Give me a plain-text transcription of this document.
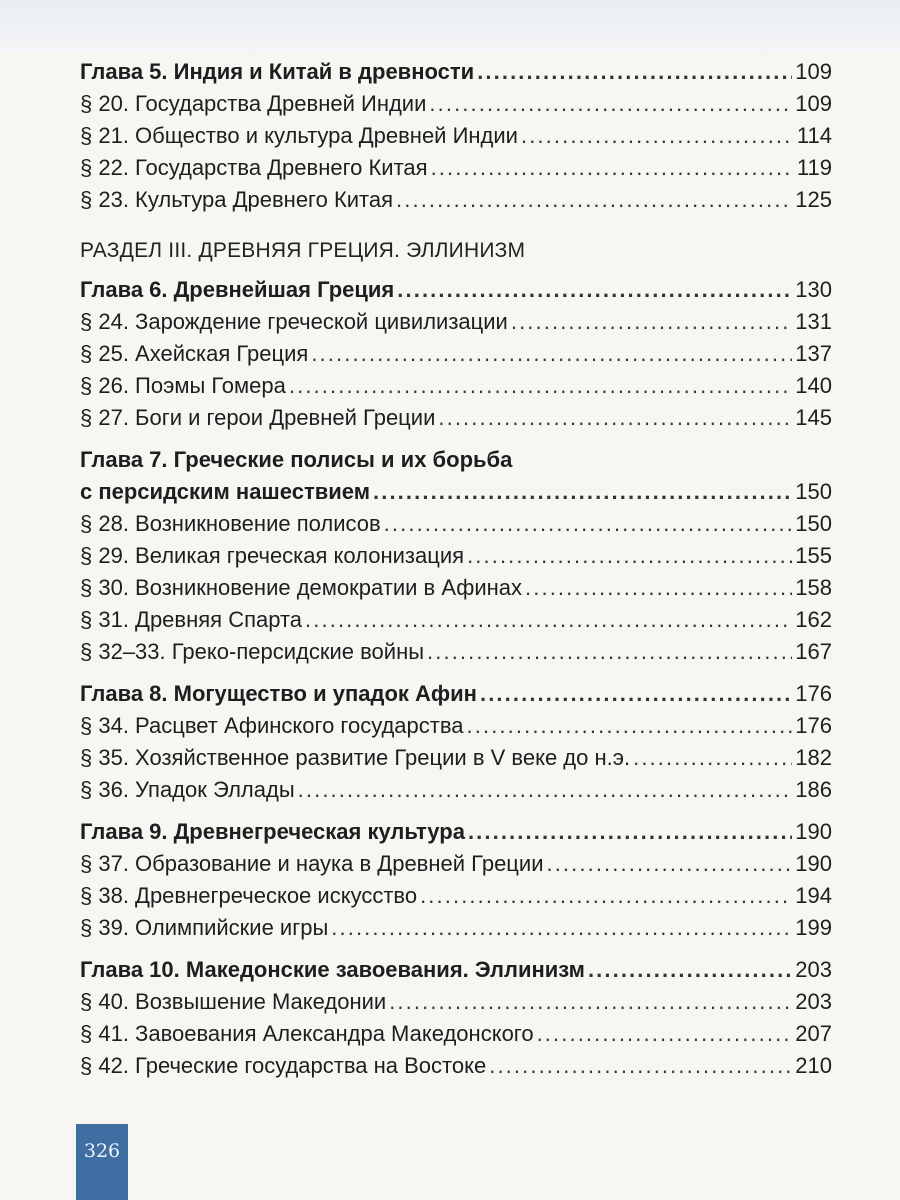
Глава 5. Индия и Китай в древности . . .	109
§ 20. Государства Древней Индии . . .	109
§ 21. Общество и культура Древней Индии . . .	114
§ 22. Государства Древнего Китая . . .	119
§ 23. Культура Древнего Китая . . .	125
РАЗДЕЛ III. ДРЕВНЯЯ ГРЕЦИЯ. ЭЛЛИНИЗМ
Глава 6. Древнейшая Греция . . .	130
§ 24. Зарождение греческой цивилизации . . .	131
§ 25. Ахейская Греция . . .	137
§ 26. Поэмы Гомера . . .	140
§ 27. Боги и герои Древней Греции . . .	145
Глава 7. Греческие полисы и их борьба
с персидским нашествием . . .	150
§ 28. Возникновение полисов . . .	150
§ 29. Великая греческая колонизация . . .	155
§ 30. Возникновение демократии в Афинах . . .	158
§ 31. Древняя Спарта . . .	162
§ 32–33. Греко-персидские войны . . .	167
Глава 8. Могущество и упадок Афин . . .	176
§ 34. Расцвет Афинского государства . . .	176
§ 35. Хозяйственное развитие Греции в V веке до н.э. . . .	182
§ 36. Упадок Эллады . . .	186
Глава 9. Древнегреческая культура . . .	190
§ 37. Образование и наука в Древней Греции . . .	190
§ 38. Древнегреческое искусство . . .	194
§ 39. Олимпийские игры . . .	199
Глава 10. Македонские завоевания. Эллинизм . . .	203
§ 40. Возвышение Македонии . . .	203
§ 41. Завоевания Александра Македонского . . .	207
§ 42. Греческие государства на Востоке . . .	210
326
